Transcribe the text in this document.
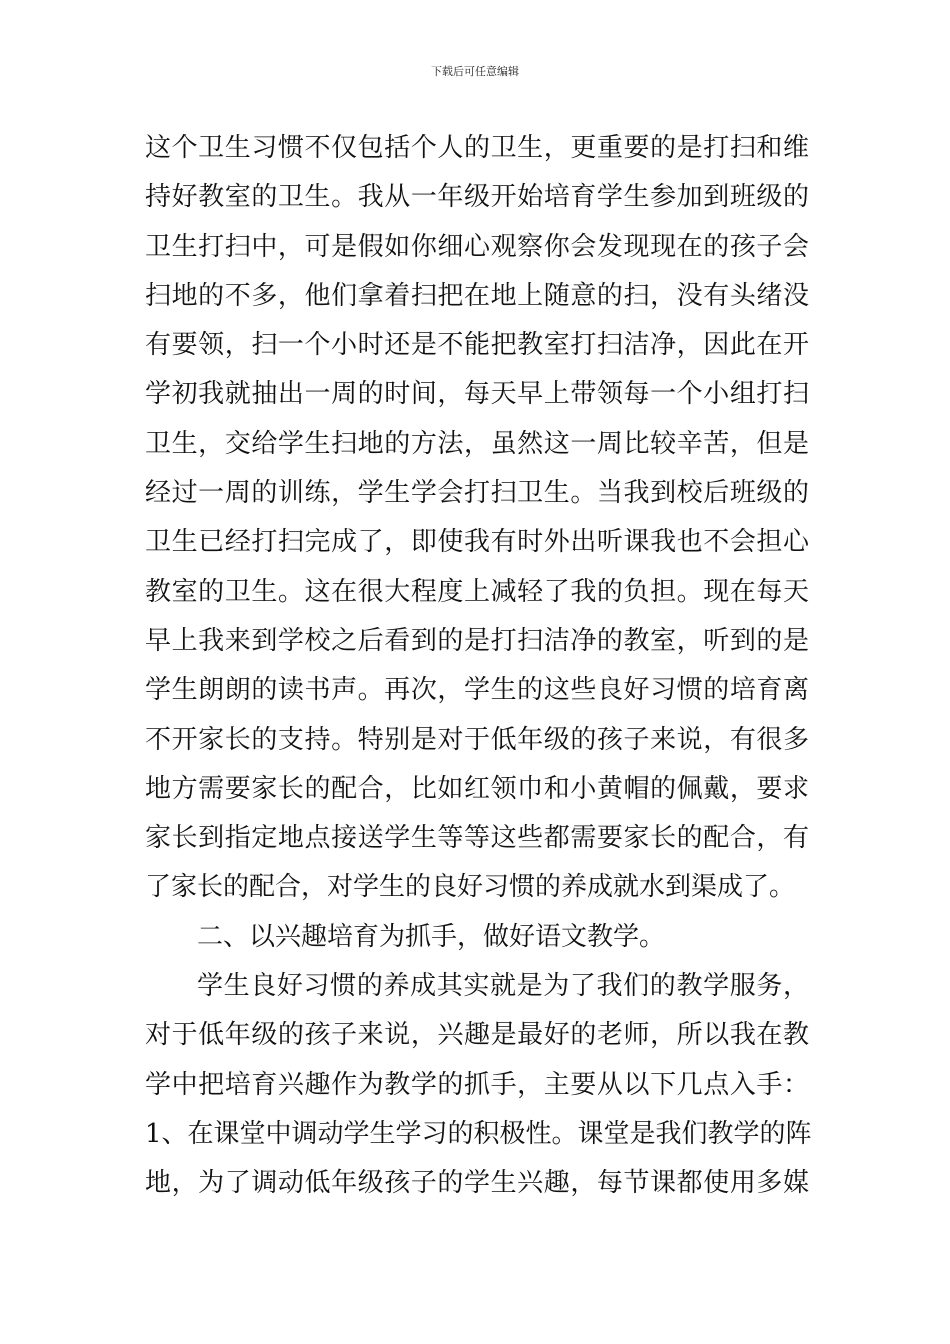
下载后可任意编辑
这个卫生习惯不仅包括个人的卫生，更重要的是打扫和维
持好教室的卫生。我从一年级开始培育学生参加到班级的
卫生打扫中，可是假如你细心观察你会发现现在的孩子会
扫地的不多，他们拿着扫把在地上随意的扫，没有头绪没
有要领，扫一个小时还是不能把教室打扫洁净，因此在开
学初我就抽出一周的时间，每天早上带领每一个小组打扫
卫生，交给学生扫地的方法，虽然这一周比较辛苦，但是
经过一周的训练，学生学会打扫卫生。当我到校后班级的
卫生已经打扫完成了，即使我有时外出听课我也不会担心
教室的卫生。这在很大程度上减轻了我的负担。现在每天
早上我来到学校之后看到的是打扫洁净的教室，听到的是
学生朗朗的读书声。再次，学生的这些良好习惯的培育离
不开家长的支持。特别是对于低年级的孩子来说，有很多
地方需要家长的配合，比如红领巾和小黄帽的佩戴，要求
家长到指定地点接送学生等等这些都需要家长的配合，有
了家长的配合，对学生的良好习惯的养成就水到渠成了。
二、以兴趣培育为抓手，做好语文教学。
学生良好习惯的养成其实就是为了我们的教学服务，
对于低年级的孩子来说，兴趣是最好的老师，所以我在教
学中把培育兴趣作为教学的抓手，主要从以下几点入手：
1、在课堂中调动学生学习的积极性。课堂是我们教学的阵
地，为了调动低年级孩子的学生兴趣，每节课都使用多媒
